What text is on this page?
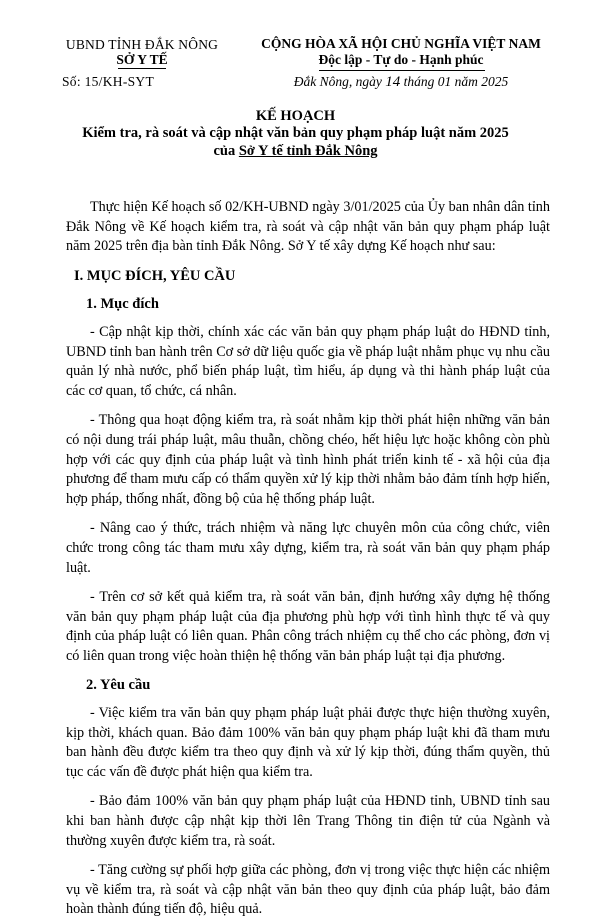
UBND TỈNH ĐẮK NÔNG
SỞ Y TẾ
Số: 15/KH-SYT
CỘNG HÒA XÃ HỘI CHỦ NGHĨA VIỆT NAM
Độc lập - Tự do - Hạnh phúc
Đắk Nông, ngày 14 tháng 01 năm 2025
KẾ HOẠCH
Kiểm tra, rà soát và cập nhật văn bản quy phạm pháp luật năm 2025
của Sở Y tế tỉnh Đắk Nông

Thực hiện Kế hoạch số 02/KH-UBND ngày 3/01/2025 của Ủy ban nhân dân tỉnh Đắk Nông về Kế hoạch kiểm tra, rà soát và cập nhật văn bản quy phạm pháp luật năm 2025 trên địa bàn tỉnh Đắk Nông. Sở Y tế xây dựng Kế hoạch như sau:

I. MỤC ĐÍCH, YÊU CẦU

1. Mục đích

- Cập nhật kịp thời, chính xác các văn bản quy phạm pháp luật do HĐND tỉnh, UBND tỉnh ban hành trên Cơ sở dữ liệu quốc gia về pháp luật nhằm phục vụ nhu cầu quản lý nhà nước, phổ biến pháp luật, tìm hiểu, áp dụng và thi hành pháp luật của các cơ quan, tổ chức, cá nhân.

- Thông qua hoạt động kiểm tra, rà soát nhằm kịp thời phát hiện những văn bản có nội dung trái pháp luật, mâu thuẫn, chồng chéo, hết hiệu lực hoặc không còn phù hợp với các quy định của pháp luật và tình hình phát triển kinh tế - xã hội của địa phương để tham mưu cấp có thẩm quyền xử lý kịp thời nhằm bảo đảm tính hợp hiến, hợp pháp, thống nhất, đồng bộ của hệ thống pháp luật.

- Nâng cao ý thức, trách nhiệm và năng lực chuyên môn của công chức, viên chức trong công tác tham mưu xây dựng, kiểm tra, rà soát văn bản quy phạm pháp luật.

- Trên cơ sở kết quả kiểm tra, rà soát văn bản, định hướng xây dựng hệ thống văn bản quy phạm pháp luật của địa phương phù hợp với tình hình thực tế và quy định của pháp luật có liên quan. Phân công trách nhiệm cụ thể cho các phòng, đơn vị có liên quan trong việc hoàn thiện hệ thống văn bản pháp luật tại địa phương.

2. Yêu cầu

- Việc kiểm tra văn bản quy phạm pháp luật phải được thực hiện thường xuyên, kịp thời, khách quan. Bảo đảm 100% văn bản quy phạm pháp luật khi đã tham mưu ban hành đều được kiểm tra theo quy định và xử lý kịp thời, đúng thẩm quyền, thủ tục các vấn đề được phát hiện qua kiểm tra.

- Bảo đảm 100% văn bản quy phạm pháp luật của HĐND tỉnh, UBND tỉnh sau khi ban hành được cập nhật kịp thời lên Trang Thông tin điện tử của Ngành và thường xuyên được kiểm tra, rà soát.

- Tăng cường sự phối hợp giữa các phòng, đơn vị trong việc thực hiện các nhiệm vụ về kiểm tra, rà soát và cập nhật văn bản theo quy định của pháp luật, bảo đảm hoàn thành đúng tiến độ, hiệu quả.
